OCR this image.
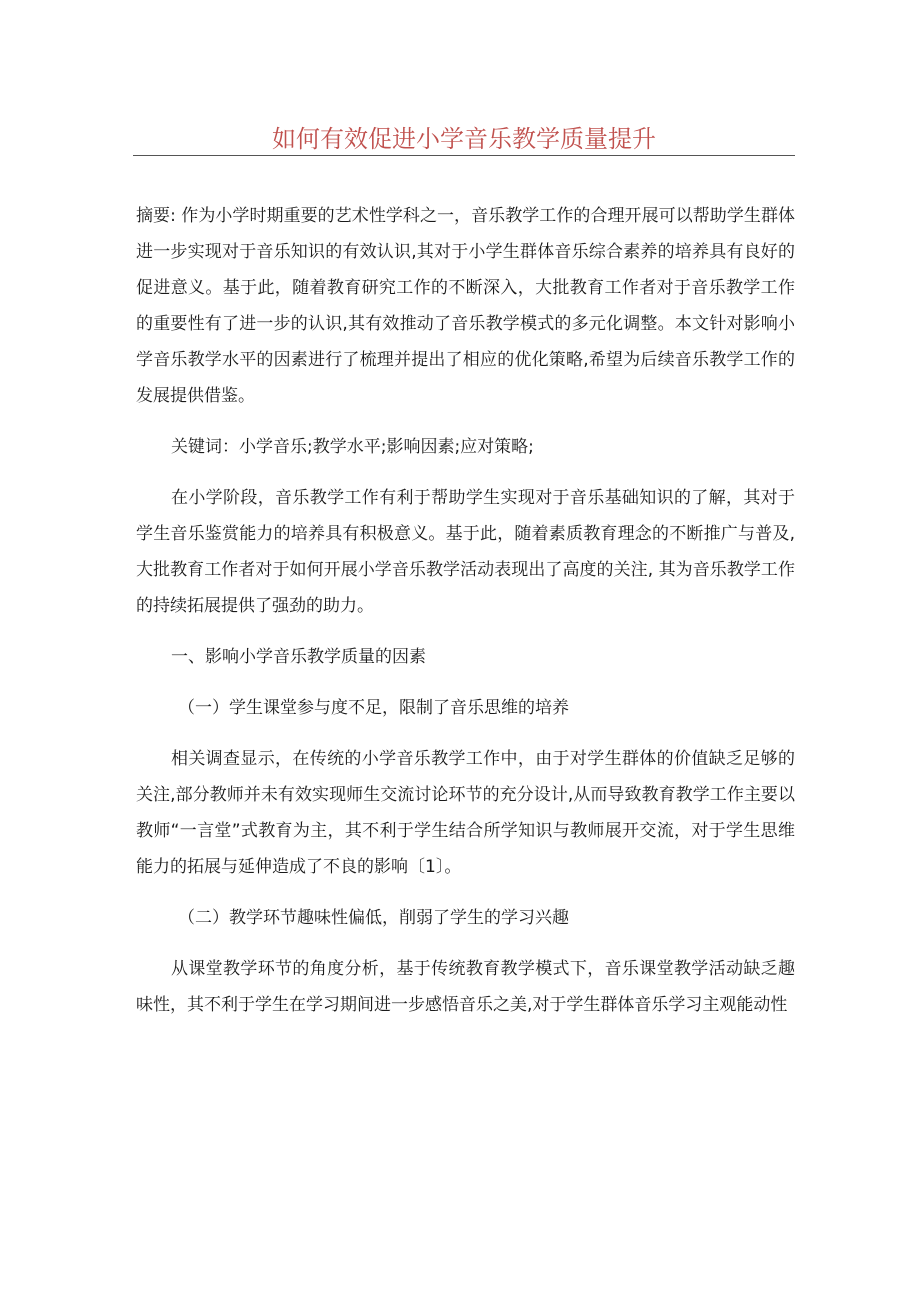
如何有效促进小学音乐教学质量提升

摘要: 作为小学时期重要的艺术性学科之一，音乐教学工作的合理开展可以帮助学生群体进一步实现对于音乐知识的有效认识,其对于小学生群体音乐综合素养的培养具有良好的促进意义。基于此，随着教育研究工作的不断深入，大批教育工作者对于音乐教学工作的重要性有了进一步的认识,其有效推动了音乐教学模式的多元化调整。本文针对影响小学音乐教学水平的因素进行了梳理并提出了相应的优化策略,希望为后续音乐教学工作的发展提供借鉴。

关键词：小学音乐;教学水平;影响因素;应对策略;

在小学阶段，音乐教学工作有利于帮助学生实现对于音乐基础知识的了解，其对于学生音乐鉴赏能力的培养具有积极意义。基于此，随着素质教育理念的不断推广与普及,大批教育工作者对于如何开展小学音乐教学活动表现出了高度的关注, 其为音乐教学工作的持续拓展提供了强劲的助力。

一、影响小学音乐教学质量的因素

（一）学生课堂参与度不足，限制了音乐思维的培养

相关调查显示，在传统的小学音乐教学工作中，由于对学生群体的价值缺乏足够的关注,部分教师并未有效实现师生交流讨论环节的充分设计,从而导致教育教学工作主要以教师“一言堂”式教育为主，其不利于学生结合所学知识与教师展开交流，对于学生思维能力的拓展与延伸造成了不良的影响〔1〕。

（二）教学环节趣味性偏低，削弱了学生的学习兴趣

从课堂教学环节的角度分析，基于传统教育教学模式下，音乐课堂教学活动缺乏趣味性，其不利于学生在学习期间进一步感悟音乐之美,对于学生群体音乐学习主观能动性
